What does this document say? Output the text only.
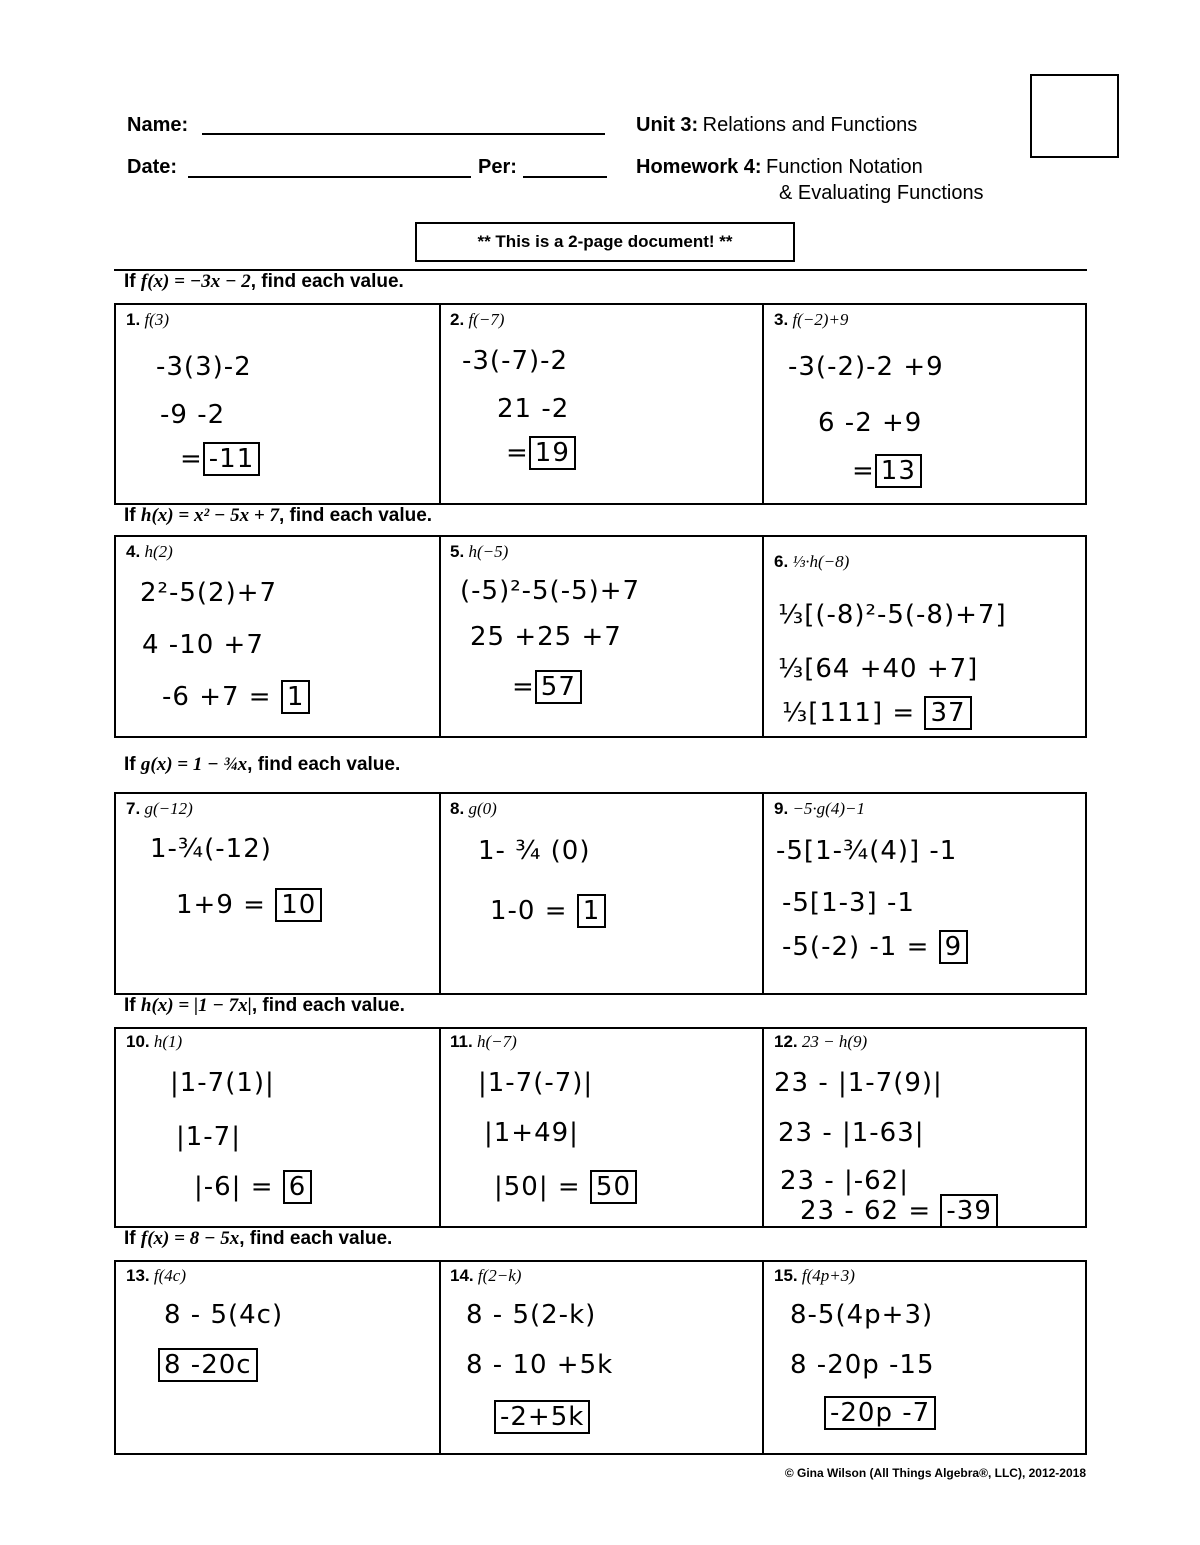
Name:
Date:	Per:
Unit 3: Relations and Functions
Homework 4: Function Notation
& Evaluating Functions
** This is a 2-page document! **
If f(x) = −3x − 2, find each value.
If h(x) = x² − 5x + 7, find each value.
If g(x) = 1 − ¾x, find each value.
If h(x) = |1 − 7x|, find each value.
If f(x) = 8 − 5x, find each value.
1. f(3)
-3(3)-2
-9 -2
= -11
2. f(−7)
-3(-7)-2
21 -2
= 19
3. f(−2)+9
-3(-2)-2 +9
6 -2 +9
= 13
4. h(2)
2²-5(2)+7
4 -10 +7
-6 +7 = 1
5. h(−5)
(-5)²-5(-5)+7
25 +25 +7
= 57
6. ⅓·h(−8)
⅓[(-8)²-5(-8)+7]
⅓[64 +40 +7]
⅓[111] = 37
7. g(−12)
1-¾(-12)
1+9 = 10
8. g(0)
1- ¾ (0)
1-0 = 1
9. −5·g(4)−1
-5[1-¾(4)] -1
-5[1-3] -1
-5(-2) -1 = 9
10. h(1)
|1-7(1)|
|1-7|
|-6| = 6
11. h(−7)
|1-7(-7)|
|1+49|
|50| = 50
12. 23 − h(9)
23 - |1-7(9)|
23 - |1-63|
23 - |-62|
23 - 62 = -39
13. f(4c)
8 - 5(4c)
8 -20c
14. f(2−k)
8 - 5(2-k)
8 - 10 +5k
-2+5k
15. f(4p+3)
8-5(4p+3)
8 -20p -15
-20p -7
© Gina Wilson (All Things Algebra®, LLC), 2012-2018
